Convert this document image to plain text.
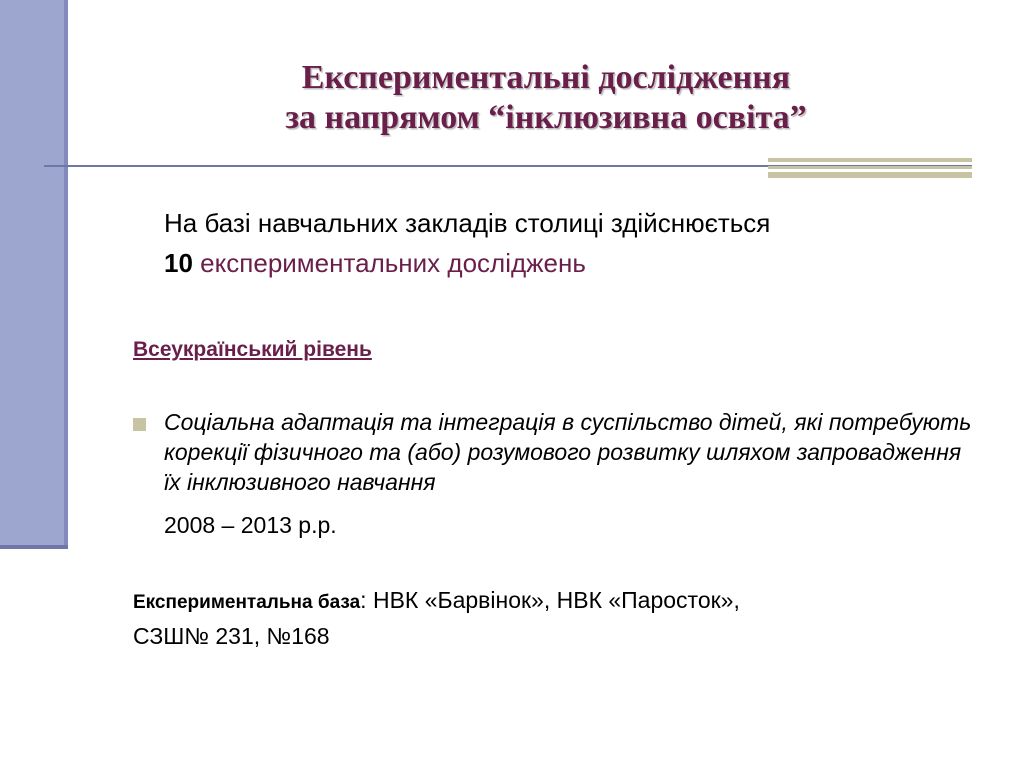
Експериментальні дослідження
за напрямом “інклюзивна освіта”
На базі навчальних закладів столиці здійснюється
10 експериментальних досліджень
Всеукраїнський рівень
Соціальна адаптація та інтеграція в суспільство дітей, які потребують корекції фізичного та (або) розумового розвитку шляхом запровадження їх інклюзивного навчання
2008 – 2013 р.р.
Експериментальна база: НВК «Барвінок», НВК «Паросток»,
СЗШ№ 231, №168
